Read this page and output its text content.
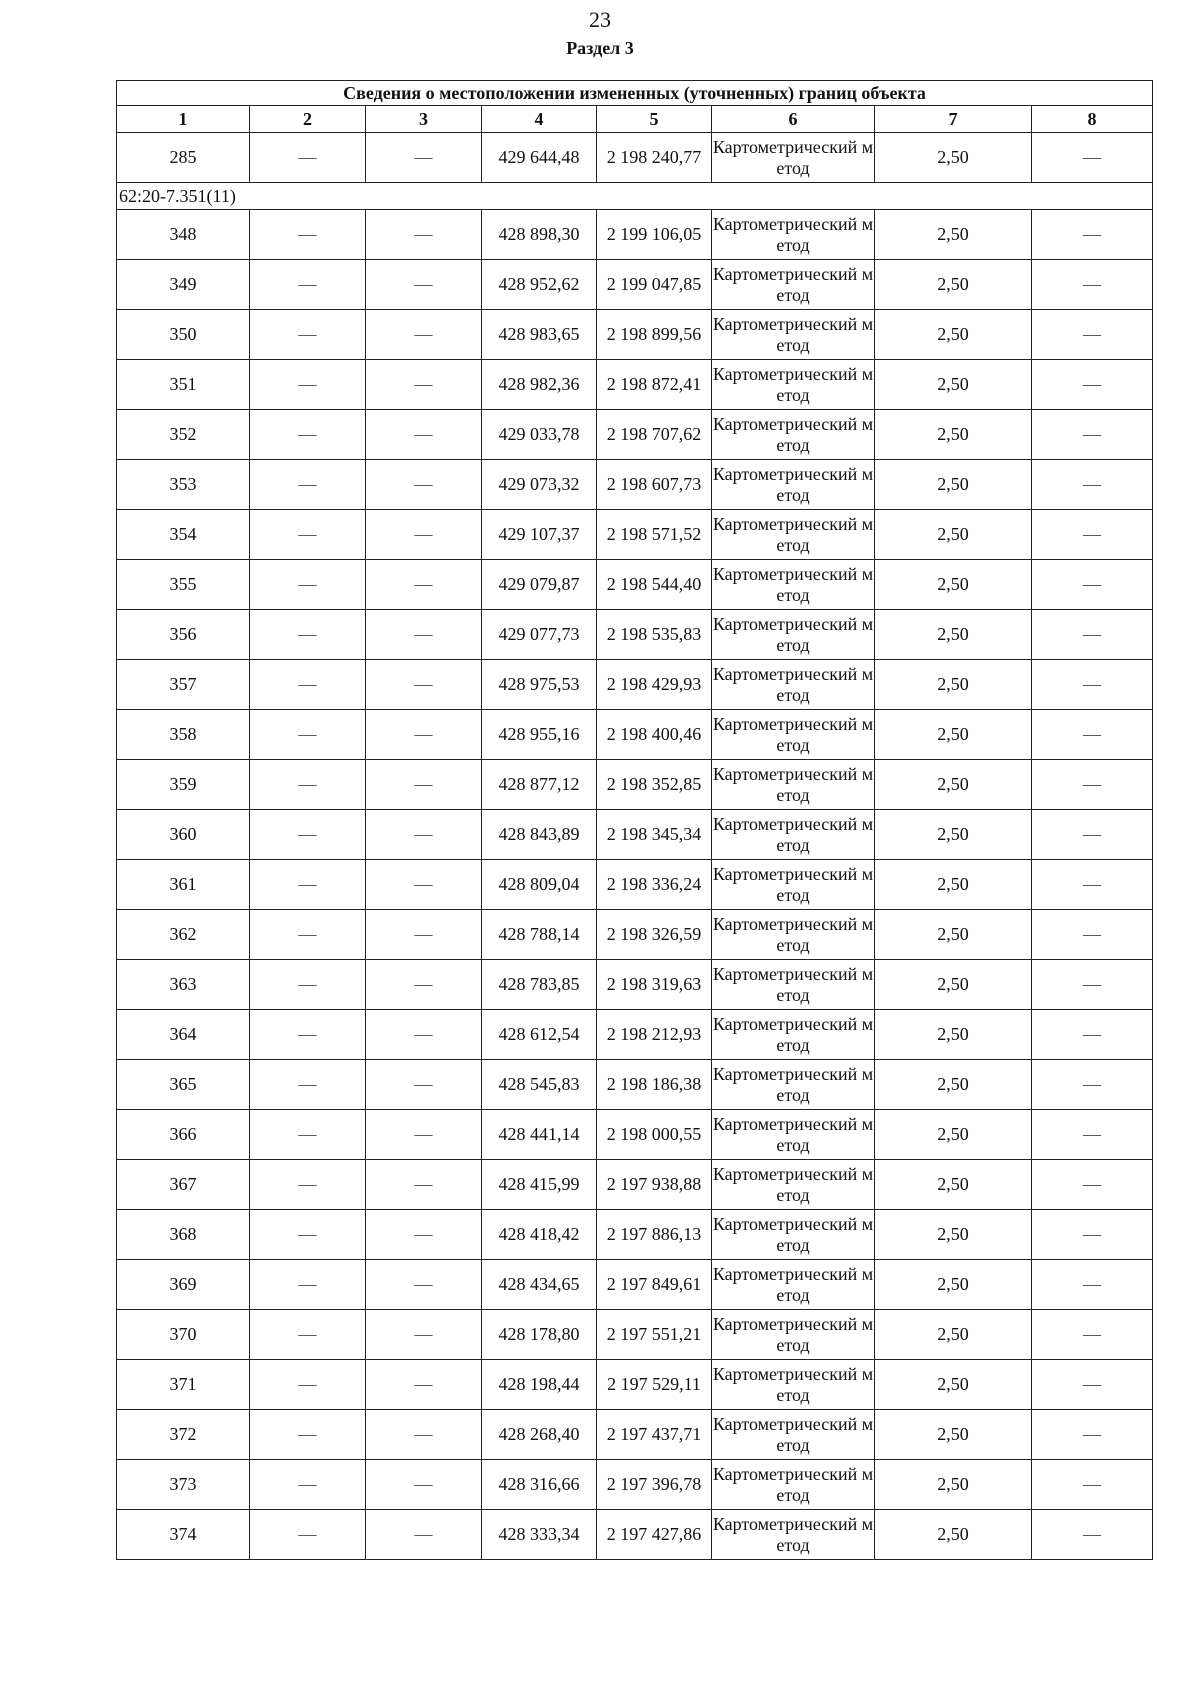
23
Раздел 3
Сведения о местоположении измененных (уточненных) границ объекта							
1	2	3	4	5	6	7	8
285	—	—	429 644,48	2 198 240,77	Картометрический метод	2,50	—
62:20-7.351(11)							
348	—	—	428 898,30	2 199 106,05	Картометрический метод	2,50	—
349	—	—	428 952,62	2 199 047,85	Картометрический метод	2,50	—
350	—	—	428 983,65	2 198 899,56	Картометрический метод	2,50	—
351	—	—	428 982,36	2 198 872,41	Картометрический метод	2,50	—
352	—	—	429 033,78	2 198 707,62	Картометрический метод	2,50	—
353	—	—	429 073,32	2 198 607,73	Картометрический метод	2,50	—
354	—	—	429 107,37	2 198 571,52	Картометрический метод	2,50	—
355	—	—	429 079,87	2 198 544,40	Картометрический метод	2,50	—
356	—	—	429 077,73	2 198 535,83	Картометрический метод	2,50	—
357	—	—	428 975,53	2 198 429,93	Картометрический метод	2,50	—
358	—	—	428 955,16	2 198 400,46	Картометрический метод	2,50	—
359	—	—	428 877,12	2 198 352,85	Картометрический метод	2,50	—
360	—	—	428 843,89	2 198 345,34	Картометрический метод	2,50	—
361	—	—	428 809,04	2 198 336,24	Картометрический метод	2,50	—
362	—	—	428 788,14	2 198 326,59	Картометрический метод	2,50	—
363	—	—	428 783,85	2 198 319,63	Картометрический метод	2,50	—
364	—	—	428 612,54	2 198 212,93	Картометрический метод	2,50	—
365	—	—	428 545,83	2 198 186,38	Картометрический метод	2,50	—
366	—	—	428 441,14	2 198 000,55	Картометрический метод	2,50	—
367	—	—	428 415,99	2 197 938,88	Картометрический метод	2,50	—
368	—	—	428 418,42	2 197 886,13	Картометрический метод	2,50	—
369	—	—	428 434,65	2 197 849,61	Картометрический метод	2,50	—
370	—	—	428 178,80	2 197 551,21	Картометрический метод	2,50	—
371	—	—	428 198,44	2 197 529,11	Картометрический метод	2,50	—
372	—	—	428 268,40	2 197 437,71	Картометрический метод	2,50	—
373	—	—	428 316,66	2 197 396,78	Картометрический метод	2,50	—
374	—	—	428 333,34	2 197 427,86	Картометрический метод	2,50	—
